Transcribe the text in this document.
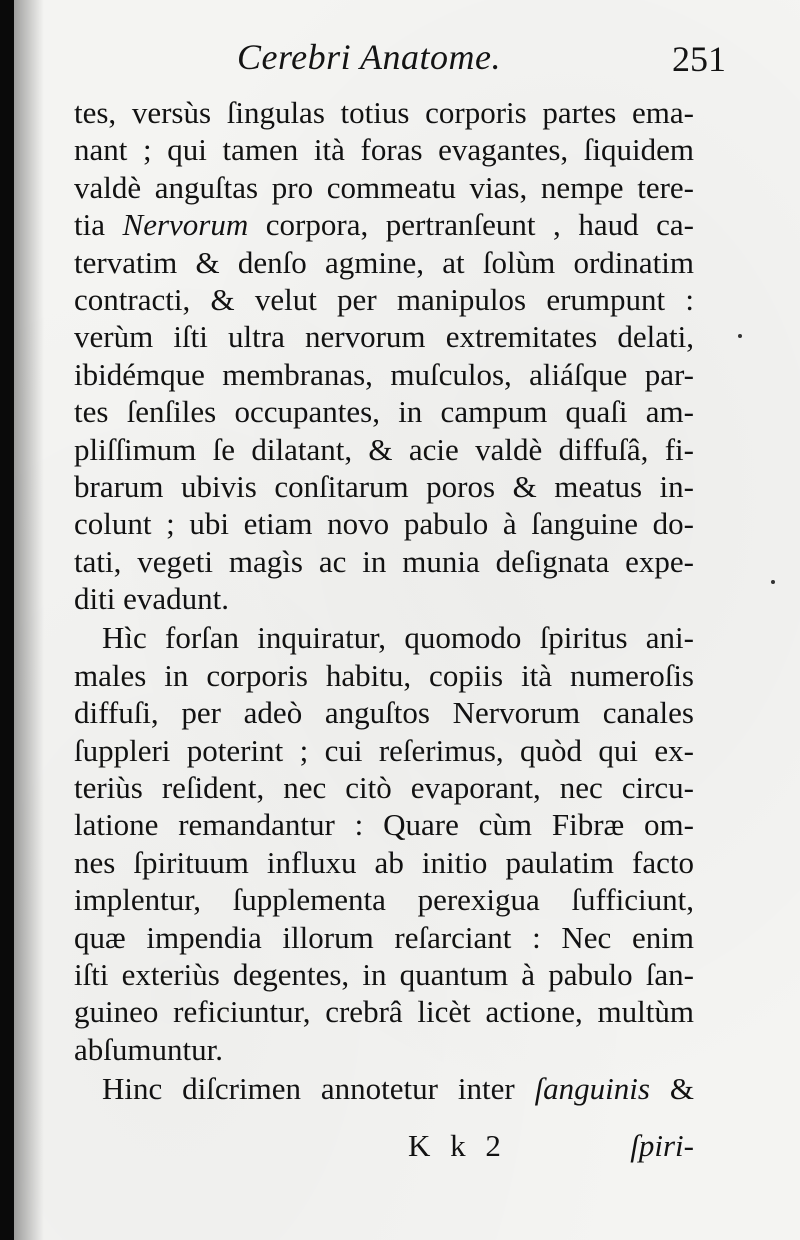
Cerebri Anatome.	251
tes, versùs ſingulas totius corporis partes ema-
nant ; qui tamen ità foras evagantes, ſiquidem
valdè anguſtas pro commeatu vias, nempe tere-
tia Nervorum corpora, pertranſeunt , haud ca-
tervatim & denſo agmine, at ſolùm ordinatim
contracti, & velut per manipulos erumpunt :
verùm iſti ultra nervorum extremitates delati,
ibidémque membranas, muſculos, aliáſque par-
tes ſenſiles occupantes, in campum quaſi am-
pliſſimum ſe dilatant, & acie valdè diffuſâ, fi-
brarum ubivis conſitarum poros & meatus in-
colunt ; ubi etiam novo pabulo à ſanguine do-
tati, vegeti magìs ac in munia deſignata expe-
diti evadunt.
Hìc forſan inquiratur, quomodo ſpiritus ani-
males in corporis habitu, copiis ità numeroſis
diffuſi, per adeò anguſtos Nervorum canales
ſuppleri poterint ; cui reſerimus, quòd qui ex-
teriùs reſident, nec citò evaporant, nec circu-
latione remandantur : Quare cùm Fibræ om-
nes ſpirituum influxu ab initio paulatim facto
implentur, ſupplementa perexigua ſufficiunt,
quæ impendia illorum reſarciant : Nec enim
iſti exteriùs degentes, in quantum à pabulo ſan-
guineo reficiuntur, crebrâ licèt actione, multùm
abſumuntur.
Hinc diſcrimen annotetur inter ſanguinis &
K k 2	ſpiri-
